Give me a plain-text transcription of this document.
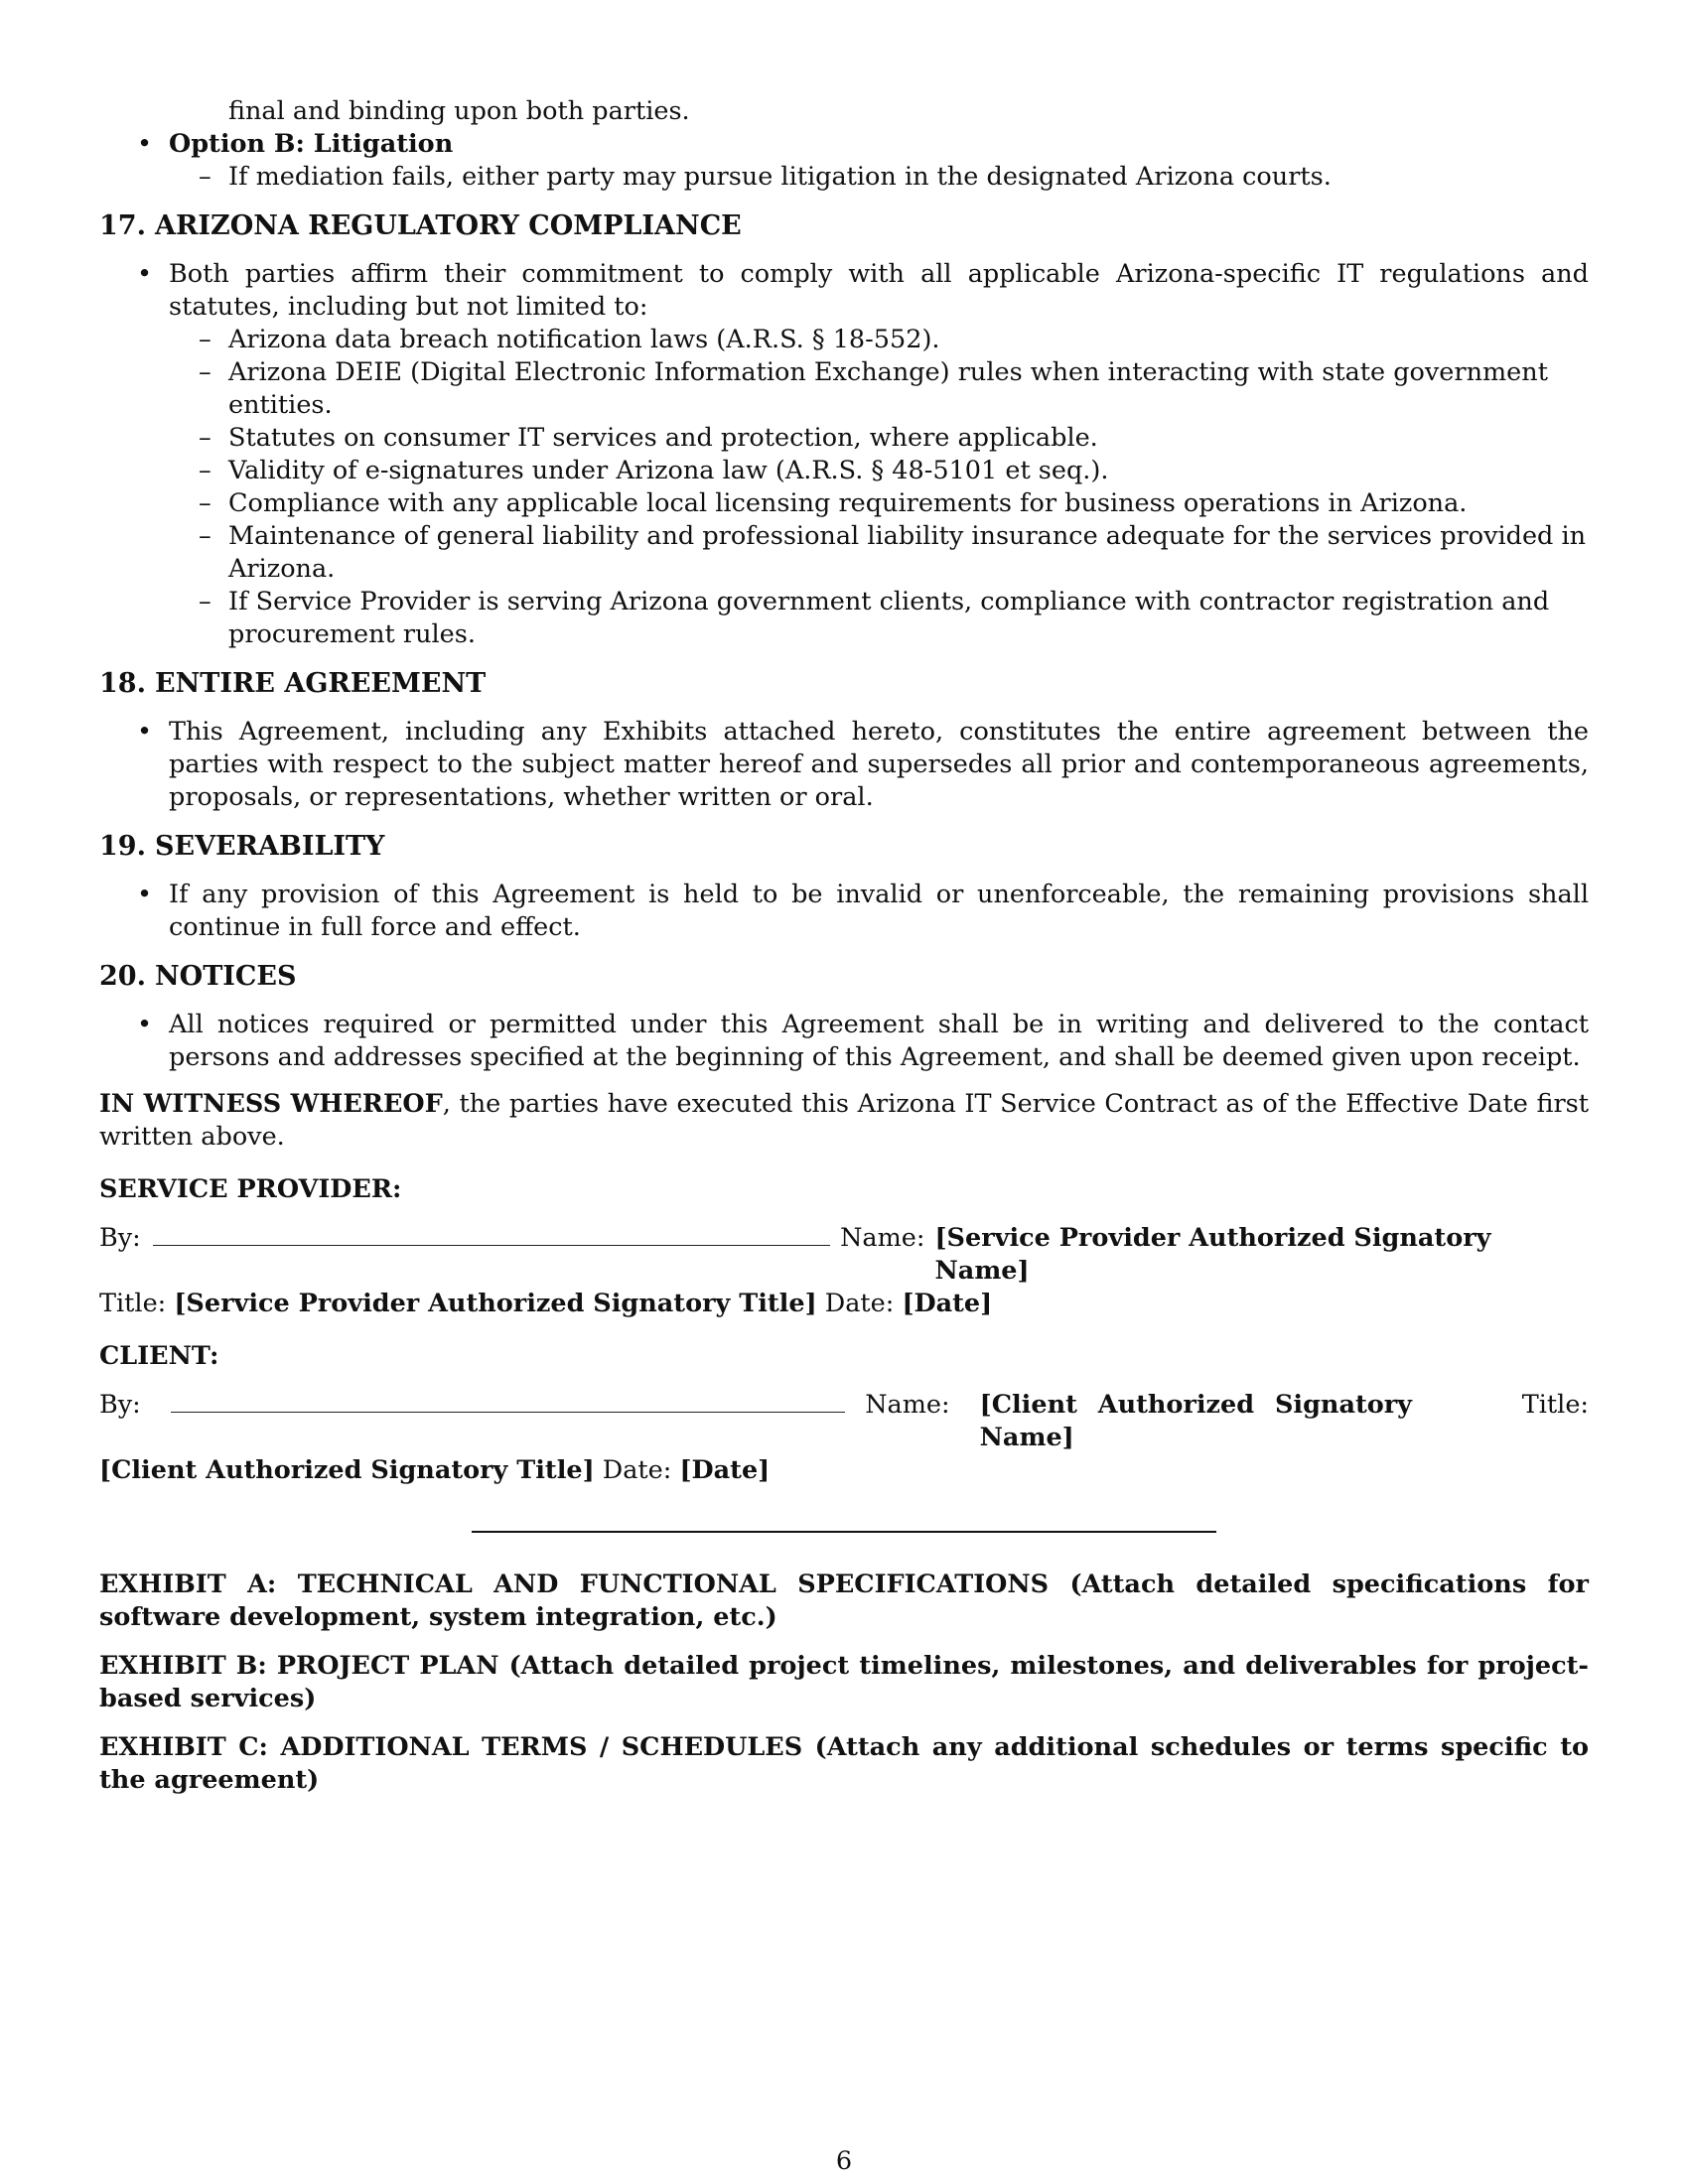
final and binding upon both parties.
• Option B: Litigation
– If mediation fails, either party may pursue litigation in the designated Arizona courts.
17. ARIZONA REGULATORY COMPLIANCE
• Both parties affirm their commitment to comply with all applicable Arizona-specific IT regulations and statutes, including but not limited to:
– Arizona data breach notification laws (A.R.S. § 18-552).
– Arizona DEIE (Digital Electronic Information Exchange) rules when interacting with state government entities.
– Statutes on consumer IT services and protection, where applicable.
– Validity of e-signatures under Arizona law (A.R.S. § 48-5101 et seq.).
– Compliance with any applicable local licensing requirements for business operations in Arizona.
– Maintenance of general liability and professional liability insurance adequate for the services provided in Arizona.
– If Service Provider is serving Arizona government clients, compliance with contractor registration and procurement rules.
18. ENTIRE AGREEMENT
• This Agreement, including any Exhibits attached hereto, constitutes the entire agreement between the parties with respect to the subject matter hereof and supersedes all prior and contemporaneous agreements, proposals, or representations, whether written or oral.
19. SEVERABILITY
• If any provision of this Agreement is held to be invalid or unenforceable, the remaining provisions shall continue in full force and effect.
20. NOTICES
• All notices required or permitted under this Agreement shall be in writing and delivered to the contact persons and addresses specified at the beginning of this Agreement, and shall be deemed given upon receipt.
IN WITNESS WHEREOF, the parties have executed this Arizona IT Service Contract as of the Effective Date first written above.
SERVICE PROVIDER:
By:	Name: [Service Provider Authorized Signatory Name]
Title: [Service Provider Authorized Signatory Title] Date: [Date]
CLIENT:
By:	Name: [Client Authorized Signatory Name]
Title:
[Client Authorized Signatory Title] Date: [Date]
EXHIBIT A: TECHNICAL AND FUNCTIONAL SPECIFICATIONS (Attach detailed specifications for software development, system integration, etc.)
EXHIBIT B: PROJECT PLAN (Attach detailed project timelines, milestones, and deliverables for project-based services)
EXHIBIT C: ADDITIONAL TERMS / SCHEDULES (Attach any additional schedules or terms specific to the agreement)
6
